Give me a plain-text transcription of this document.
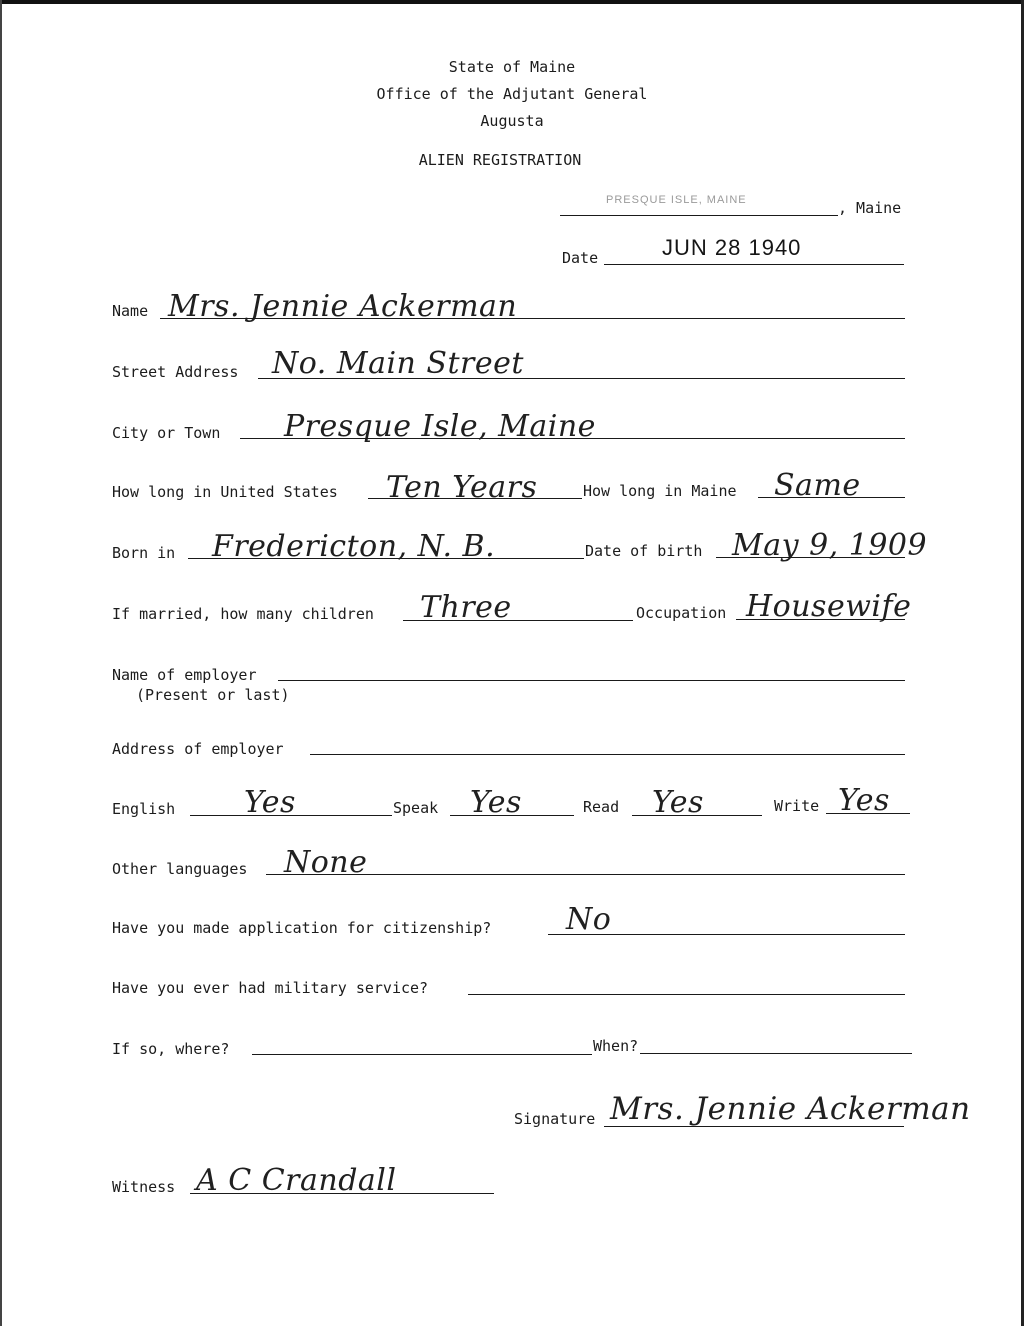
State of Maine
Office of the Adjutant General
Augusta
ALIEN REGISTRATION
PRESQUE ISLE, MAINE	, Maine
Date	JUN 28 1940
Name Mrs. Jennie Ackerman
Street Address No. Main Street
City or Town Presque Isle, Maine
How long in United States Ten Years	How long in Maine Same
Born in Fredericton, N. B.	Date of birth May 9, 1909
If married, how many children Three	Occupation Housewife
Name of employer
(Present or last)
Address of employer
English Yes	Speak Yes	Read Yes	Write Yes
Other languages None
Have you made application for citizenship? No
Have you ever had military service?
If so, where?	When?
Signature Mrs. Jennie Ackerman
Witness A C Crandall
